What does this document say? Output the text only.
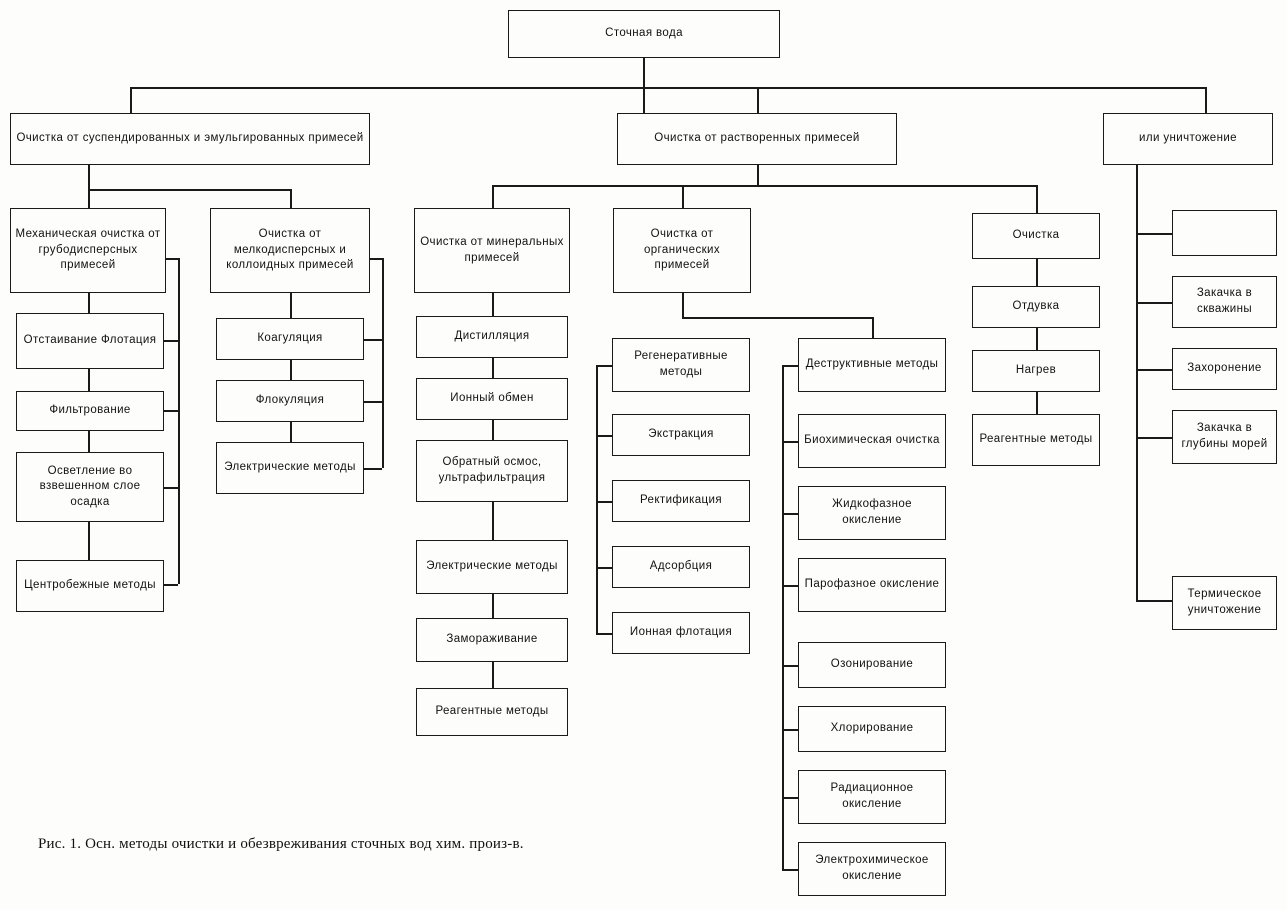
Сточная вода
Очистка от суспендированных и эмульгированных примесей	Очистка от растворенных примесей	или уничтожение
Механическая очистка от грубодисперсных примесей
Очистка от мелкодисперсных и коллоидных примесей
Очистка от минеральных примесей
Очистка от органических примесей
Очистка
Отстаивание Флотация
Фильтрование
Осветление во взвешенном слое осадка
Центробежные методы
Коагуляция
Флокуляция
Электрические методы
Дистилляция
Ионный обмен
Обратный осмос, ультрафильтрация
Электрические методы
Замораживание
Реагентные методы
Регенеративные методы
Экстракция
Ректификация
Адсорбция
Ионная флотация
Деструктивные методы
Биохимическая очистка
Жидкофазное окисление
Парофазное окисление
Озонирование
Хлорирование
Радиационное окисление
Электрохимическое окисление
Отдувка
Нагрев
Реагентные методы
Закачка в скважины
Захоронение
Закачка в глубины морей
Термическое уничтожение
Рис. 1. Осн. методы очистки и обезвреживания сточных вод хим. произ-в.
